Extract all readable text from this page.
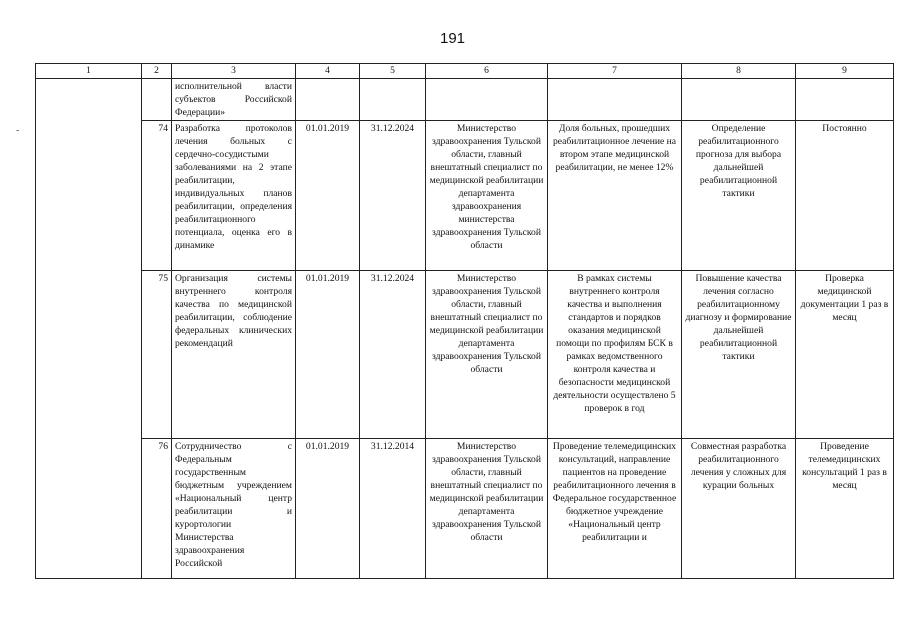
191
-
1	2	3	4	5	6	7	8	9
		исполнительной власти субъектов Российской Федерации»						
	74	Разработка протоколов лечения больных с сердечно-сосудистыми заболеваниями на 2 этапе реабилитации, индивидуальных планов реабилитации, определения реабилитационного потенциала, оценка его в динамике	01.01.2019	31.12.2024	Министерство здравоохранения Тульской области, главный внештатный специалист по медицинской реабилитации департамента здравоохранения министерства здравоохранения Тульской области	Доля больных, прошедших реабилитационное лечение на втором этапе медицинской реабилитации, не менее 12%	Определение реабилитационного прогноза для выбора дальнейшей реабилитационной тактики	Постоянно
	75	Организация системы внутреннего контроля качества по медицинской реабилитации, соблюдение федеральных клинических рекомендаций	01.01.2019	31.12.2024	Министерство здравоохранения Тульской области, главный внештатный специалист по медицинской реабилитации департамента здравоохранения Тульской области	В рамках системы внутреннего контроля качества и выполнения стандартов и порядков оказания медицинской помощи по профилям БСК в рамках ведомственного контроля качества и безопасности медицинской деятельности осуществлено 5 проверок в год	Повышение качества лечения согласно реабилитационному диагнозу и формирование дальнейшей реабилитационной тактики	Проверка медицинской документации 1 раз в месяц
	76	Сотрудничество с Федеральным государственным бюджетным учреждением «Национальный центр реабилитации и курортологии Министерства здравоохранения Российской	01.01.2019	31.12.2014	Министерство здравоохранения Тульской области, главный внештатный специалист по медицинской реабилитации департамента здравоохранения Тульской области	Проведение телемедицинских консультаций, направление пациентов на проведение реабилитационного лечения в Федеральное государственное бюджетное учреждение «Национальный центр реабилитации и	Совместная разработка реабилитационного лечения у сложных для курации больных	Проведение телемедицинских консультаций 1 раз в месяц
